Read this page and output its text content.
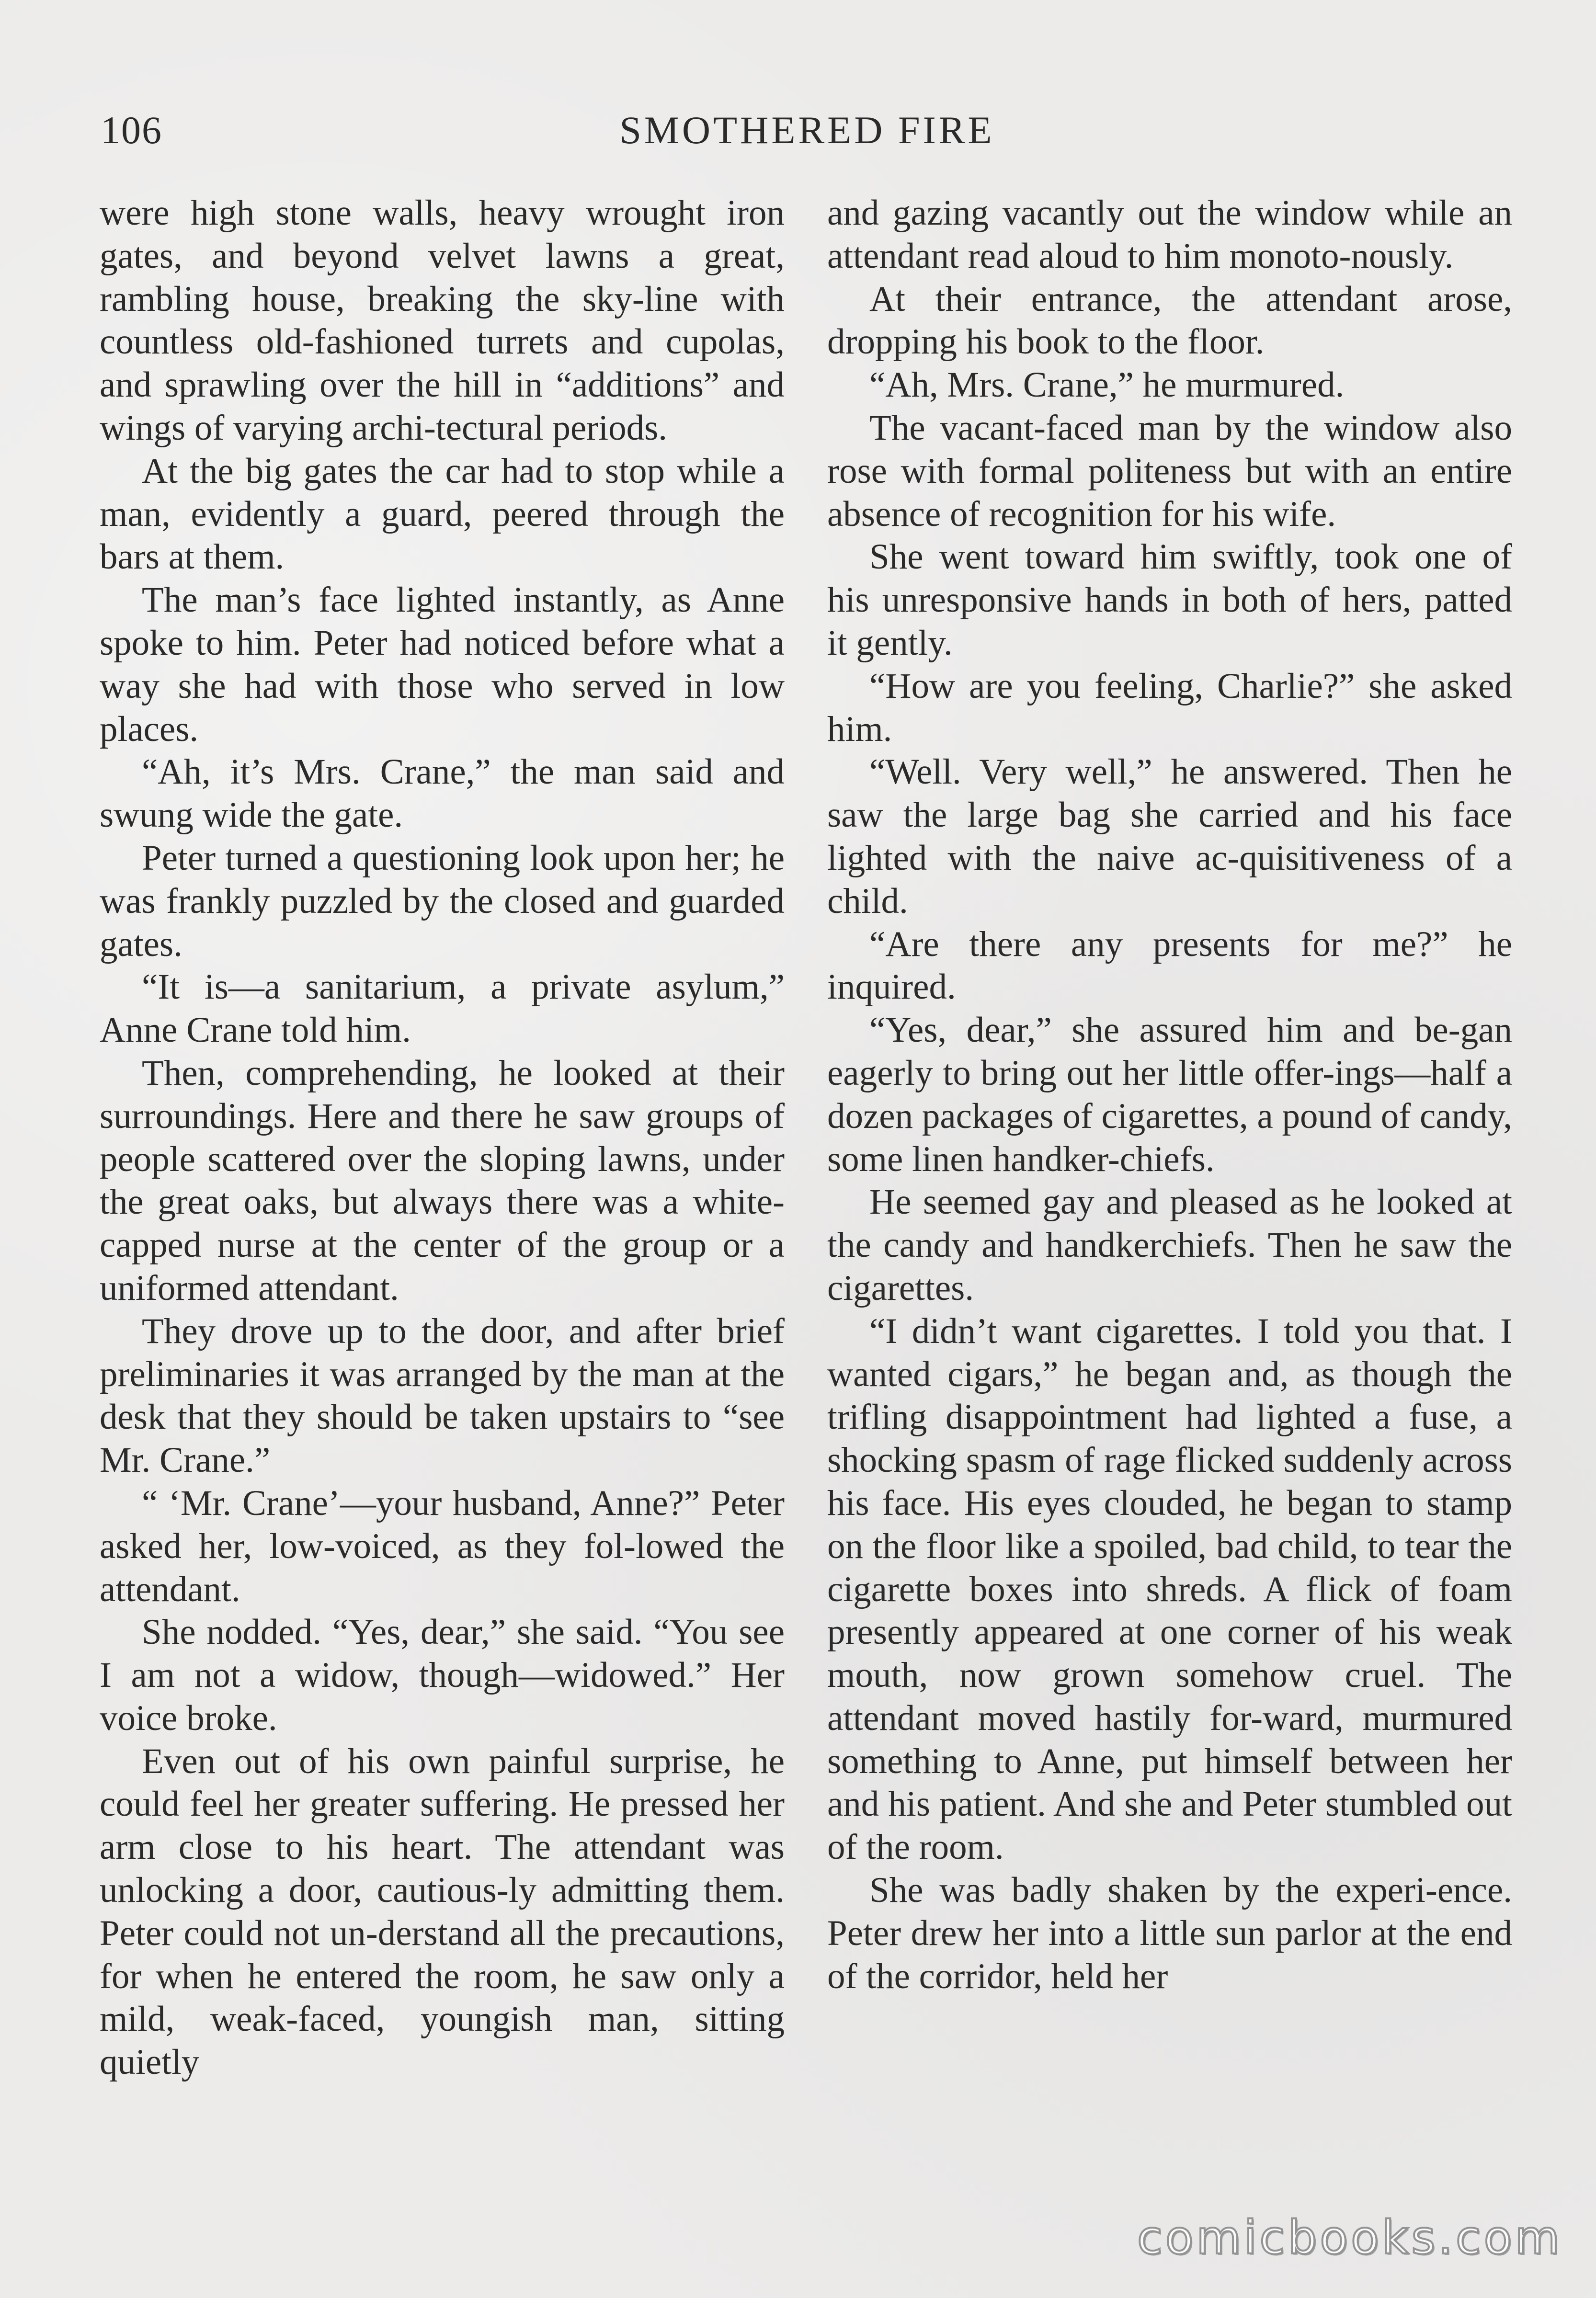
106	SMOTHERED FIRE

were high stone walls, heavy wrought iron gates, and beyond velvet lawns a great, rambling house, breaking the sky-line with countless old-fashioned turrets and cupolas, and sprawling over the hill in “additions” and wings of varying archi-tectural periods.

At the big gates the car had to stop while a man, evidently a guard, peered through the bars at them.

The man’s face lighted instantly, as Anne spoke to him. Peter had noticed before what a way she had with those who served in low places.

“Ah, it’s Mrs. Crane,” the man said and swung wide the gate.

Peter turned a questioning look upon her; he was frankly puzzled by the closed and guarded gates.

“It is—a sanitarium, a private asylum,” Anne Crane told him.

Then, comprehending, he looked at their surroundings. Here and there he saw groups of people scattered over the sloping lawns, under the great oaks, but always there was a white-capped nurse at the center of the group or a uniformed attendant.

They drove up to the door, and after brief preliminaries it was arranged by the man at the desk that they should be taken upstairs to “see Mr. Crane.”

“ ‘Mr. Crane’—your husband, Anne?” Peter asked her, low-voiced, as they fol-lowed the attendant.

She nodded. “Yes, dear,” she said. “You see I am not a widow, though—widowed.” Her voice broke.

Even out of his own painful surprise, he could feel her greater suffering. He pressed her arm close to his heart. The attendant was unlocking a door, cautious-ly admitting them. Peter could not un-derstand all the precautions, for when he entered the room, he saw only a mild, weak-faced, youngish man, sitting quietly

and gazing vacantly out the window while an attendant read aloud to him monoto-nously.

At their entrance, the attendant arose, dropping his book to the floor.

“Ah, Mrs. Crane,” he murmured.

The vacant-faced man by the window also rose with formal politeness but with an entire absence of recognition for his wife.

She went toward him swiftly, took one of his unresponsive hands in both of hers, patted it gently.

“How are you feeling, Charlie?” she asked him.

“Well. Very well,” he answered. Then he saw the large bag she carried and his face lighted with the naive ac-quisitiveness of a child.

“Are there any presents for me?” he inquired.

“Yes, dear,” she assured him and be-gan eagerly to bring out her little offer-ings—half a dozen packages of cigarettes, a pound of candy, some linen handker-chiefs.

He seemed gay and pleased as he looked at the candy and handkerchiefs. Then he saw the cigarettes.

“I didn’t want cigarettes. I told you that. I wanted cigars,” he began and, as though the trifling disappointment had lighted a fuse, a shocking spasm of rage flicked suddenly across his face. His eyes clouded, he began to stamp on the floor like a spoiled, bad child, to tear the cigarette boxes into shreds. A flick of foam presently appeared at one corner of his weak mouth, now grown somehow cruel. The attendant moved hastily for-ward, murmured something to Anne, put himself between her and his patient. And she and Peter stumbled out of the room.

She was badly shaken by the experi-ence. Peter drew her into a little sun parlor at the end of the corridor, held her

comicbooks.com
